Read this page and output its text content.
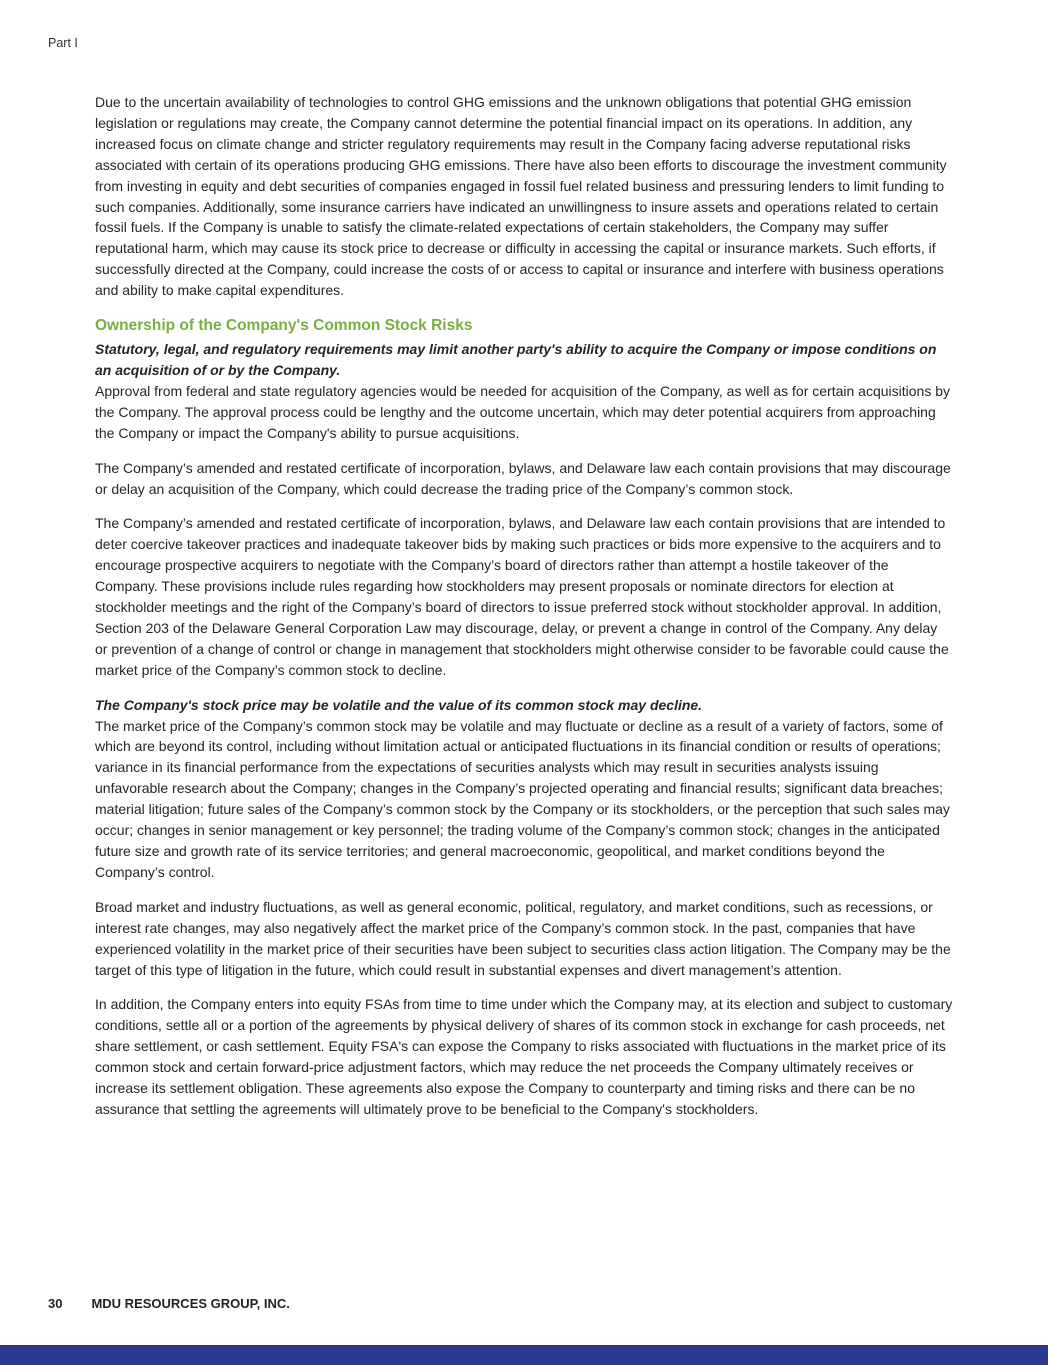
Part I

Due to the uncertain availability of technologies to control GHG emissions and the unknown obligations that potential GHG emission legislation or regulations may create, the Company cannot determine the potential financial impact on its operations. In addition, any increased focus on climate change and stricter regulatory requirements may result in the Company facing adverse reputational risks associated with certain of its operations producing GHG emissions. There have also been efforts to discourage the investment community from investing in equity and debt securities of companies engaged in fossil fuel related business and pressuring lenders to limit funding to such companies. Additionally, some insurance carriers have indicated an unwillingness to insure assets and operations related to certain fossil fuels. If the Company is unable to satisfy the climate-related expectations of certain stakeholders, the Company may suffer reputational harm, which may cause its stock price to decrease or difficulty in accessing the capital or insurance markets. Such efforts, if successfully directed at the Company, could increase the costs of or access to capital or insurance and interfere with business operations and ability to make capital expenditures.

Ownership of the Company's Common Stock Risks
Statutory, legal, and regulatory requirements may limit another party's ability to acquire the Company or impose conditions on an acquisition of or by the Company.

Approval from federal and state regulatory agencies would be needed for acquisition of the Company, as well as for certain acquisitions by the Company. The approval process could be lengthy and the outcome uncertain, which may deter potential acquirers from approaching the Company or impact the Company's ability to pursue acquisitions.

The Company’s amended and restated certificate of incorporation, bylaws, and Delaware law each contain provisions that may discourage or delay an acquisition of the Company, which could decrease the trading price of the Company’s common stock.

The Company’s amended and restated certificate of incorporation, bylaws, and Delaware law each contain provisions that are intended to deter coercive takeover practices and inadequate takeover bids by making such practices or bids more expensive to the acquirers and to encourage prospective acquirers to negotiate with the Company’s board of directors rather than attempt a hostile takeover of the Company. These provisions include rules regarding how stockholders may present proposals or nominate directors for election at stockholder meetings and the right of the Company’s board of directors to issue preferred stock without stockholder approval. In addition, Section 203 of the Delaware General Corporation Law may discourage, delay, or prevent a change in control of the Company. Any delay or prevention of a change of control or change in management that stockholders might otherwise consider to be favorable could cause the market price of the Company’s common stock to decline.

The Company's stock price may be volatile and the value of its common stock may decline.

The market price of the Company’s common stock may be volatile and may fluctuate or decline as a result of a variety of factors, some of which are beyond its control, including without limitation actual or anticipated fluctuations in its financial condition or results of operations; variance in its financial performance from the expectations of securities analysts which may result in securities analysts issuing unfavorable research about the Company; changes in the Company’s projected operating and financial results; significant data breaches; material litigation; future sales of the Company’s common stock by the Company or its stockholders, or the perception that such sales may occur; changes in senior management or key personnel; the trading volume of the Company’s common stock; changes in the anticipated future size and growth rate of its service territories; and general macroeconomic, geopolitical, and market conditions beyond the Company’s control.

Broad market and industry fluctuations, as well as general economic, political, regulatory, and market conditions, such as recessions, or interest rate changes, may also negatively affect the market price of the Company’s common stock. In the past, companies that have experienced volatility in the market price of their securities have been subject to securities class action litigation. The Company may be the target of this type of litigation in the future, which could result in substantial expenses and divert management’s attention.

In addition, the Company enters into equity FSAs from time to time under which the Company may, at its election and subject to customary conditions, settle all or a portion of the agreements by physical delivery of shares of its common stock in exchange for cash proceeds, net share settlement, or cash settlement. Equity FSA's can expose the Company to risks associated with fluctuations in the market price of its common stock and certain forward-price adjustment factors, which may reduce the net proceeds the Company ultimately receives or increase its settlement obligation. These agreements also expose the Company to counterparty and timing risks and there can be no assurance that settling the agreements will ultimately prove to be beneficial to the Company's stockholders.

30 MDU RESOURCES GROUP, INC.
